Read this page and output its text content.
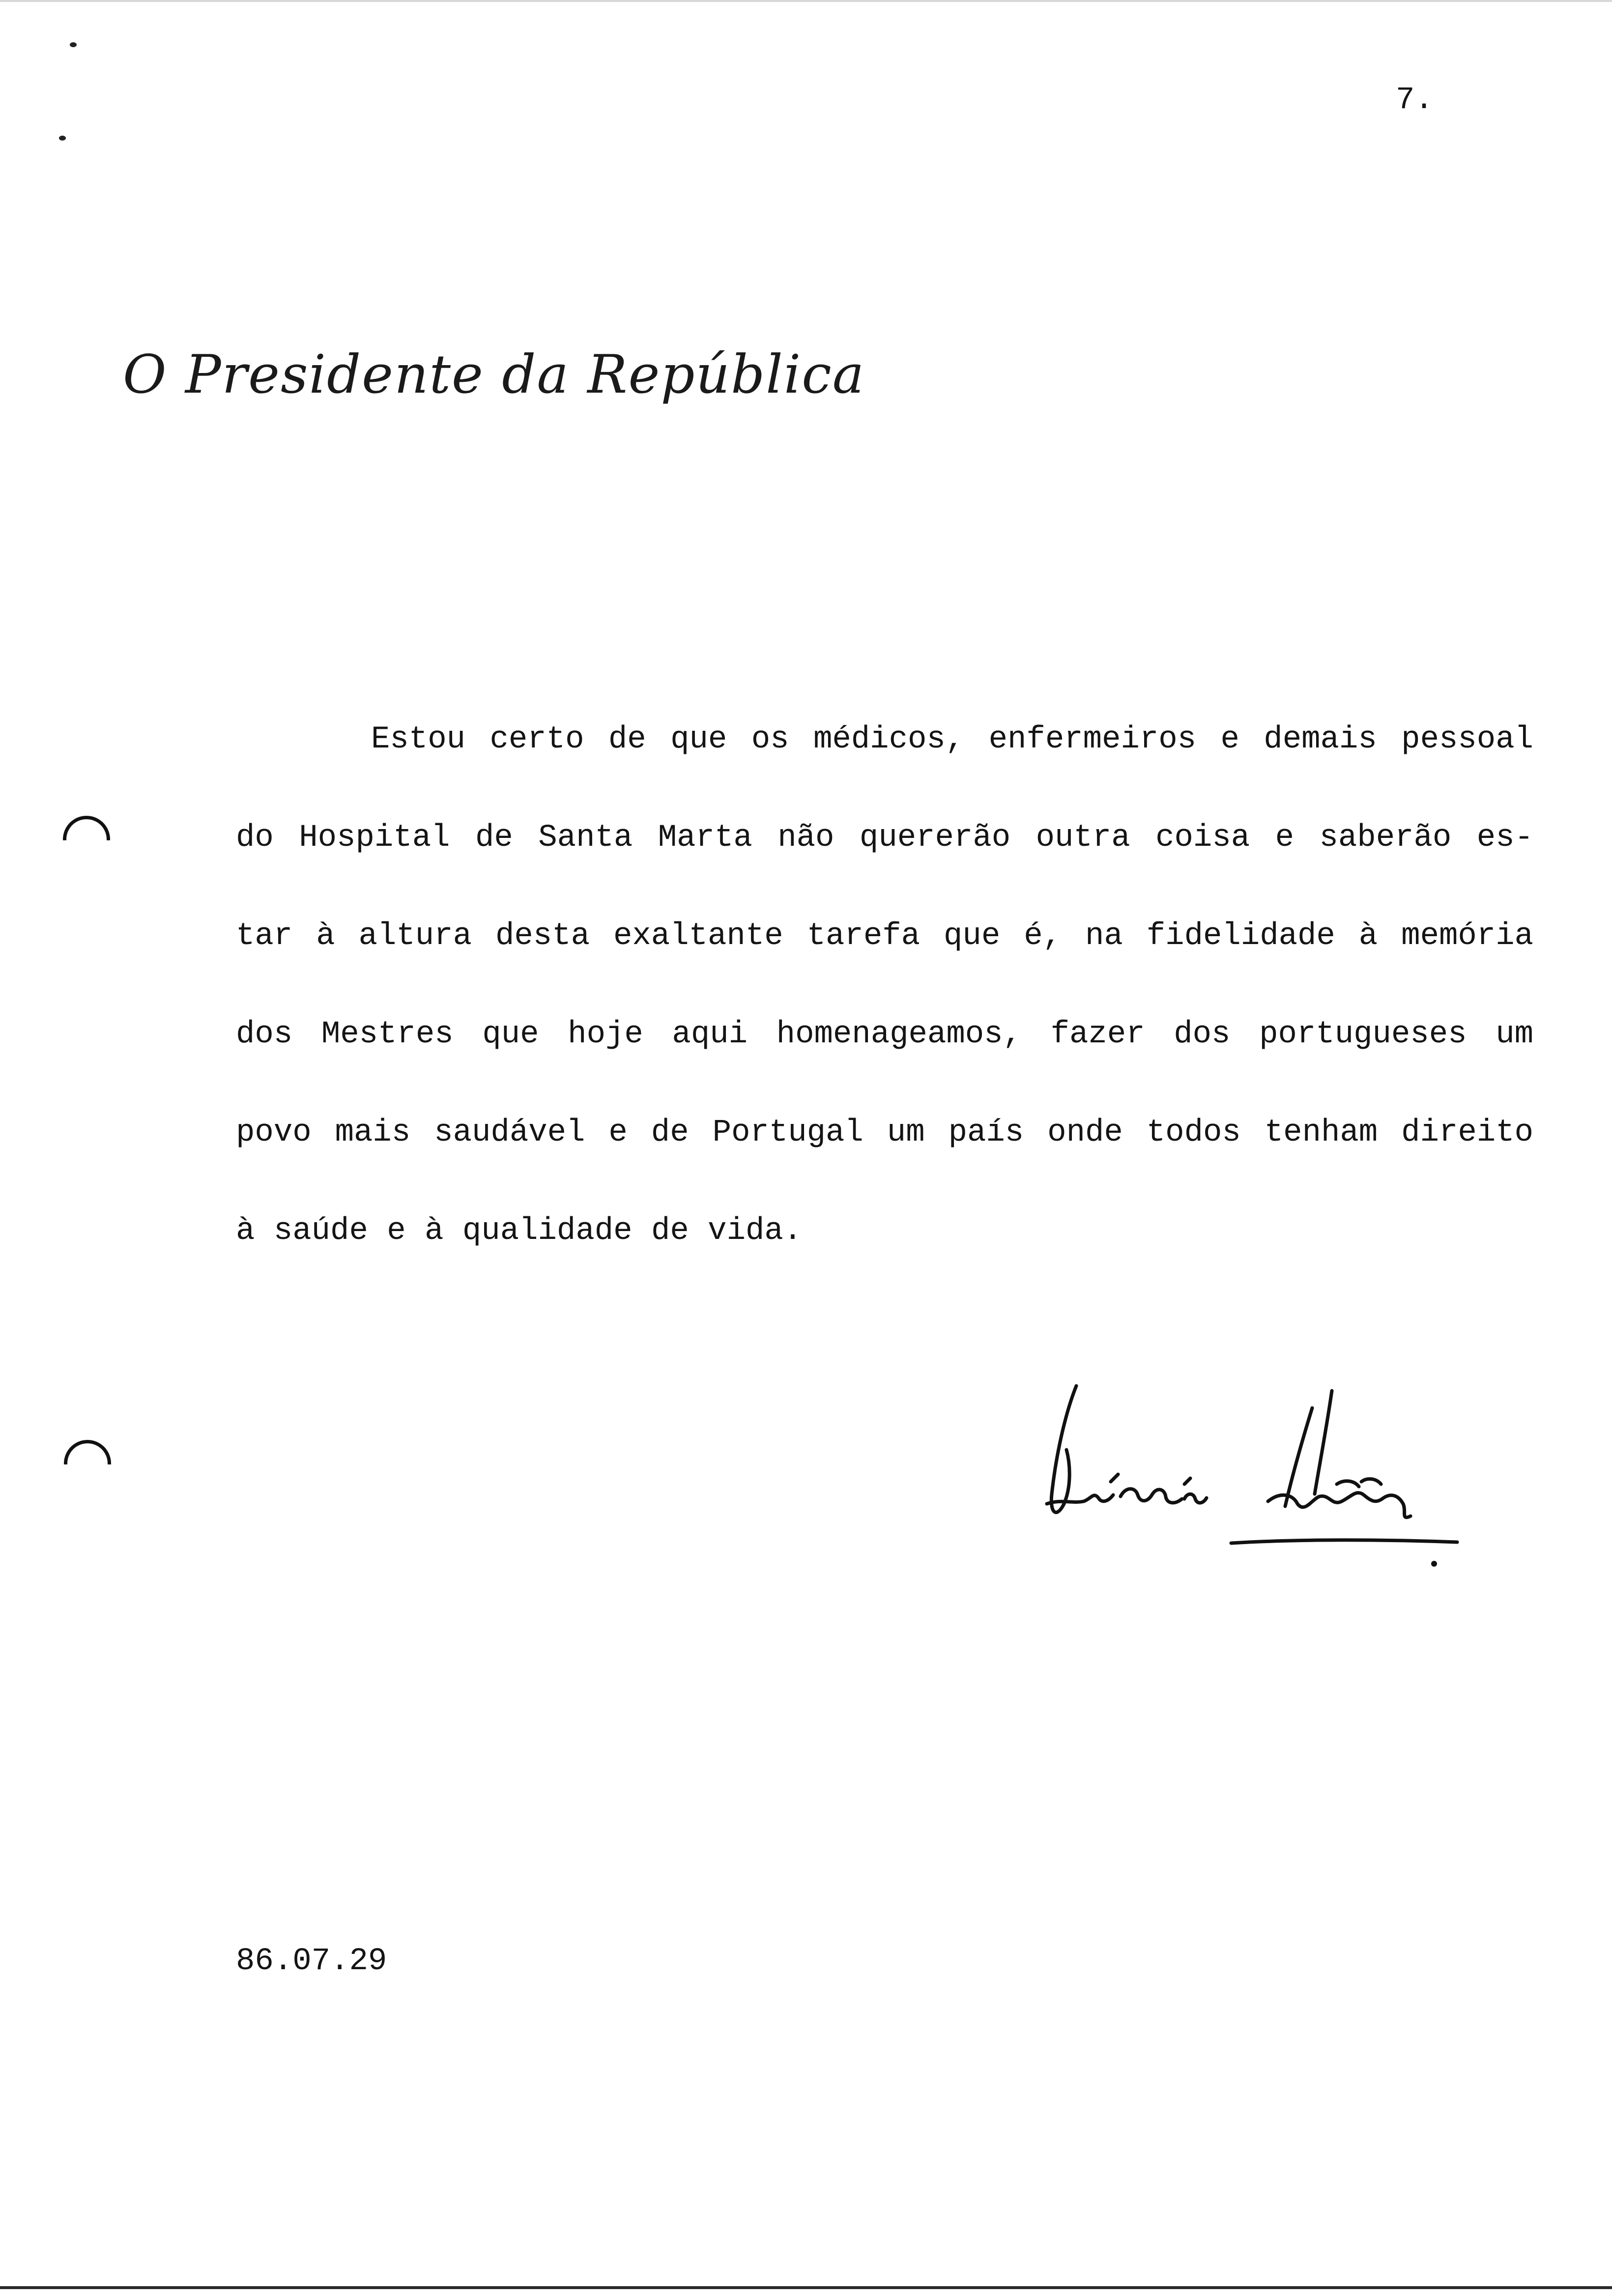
7.
O Presidente da República
Estou certo de que os médicos, enfermeiros e demais pessoal
do Hospital de Santa Marta não quererão outra coisa e saberão es-
tar à altura desta exaltante tarefa que é, na fidelidade à memória
dos Mestres que hoje aqui homenageamos, fazer dos portugueses um
povo mais saudável e de Portugal um país onde todos tenham direito
à saúde e à qualidade de vida.
86.07.29
